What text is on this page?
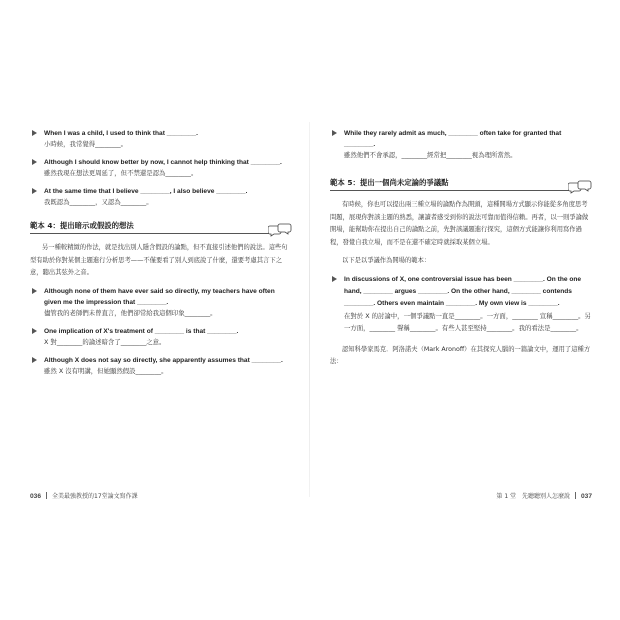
When I was a child, I used to think that ________.
小時候，我常覺得________。
Although I should know better by now, I cannot help thinking that ________.
雖然我現在想法更周延了，但不禁還是認為________。
At the same time that I believe ________, I also believe ________.
我既認為________，又認為________。
範本 4：提出暗示或假設的想法

另一種較精緻的作法，就是找出別人隱含假設的論點，但不直接引述他們的說法。這些句型有助於你對某個主題進行分析思考——不僅要看了別人到底說了什麼，還要考慮其言下之意，聽出其弦外之音。

Although none of them have ever said so directly, my teachers have often given me the impression that ________.
儘管我的老師們未曾直言，他們卻常給我這個印象________。
One implication of X's treatment of ________ is that ________.
X 對________的論述暗含了________之意。
Although X does not say so directly, she apparently assumes that ________.
雖然 X 沒有明講，但她顯然假設________。
036 全美最強教授的17堂論文寫作課
While they rarely admit as much, ________ often take for granted that ________.
雖然他們不會承認，________經常把________視為理所當然。
範本 5：提出一個尚未定論的爭議點

有時候，你也可以提出兩三種立場的論點作為開頭，這種開場方式顯示你能從多角度思考問題，展現你對該主題的熟悉，讓讀者感受到你的說法可靠而值得信賴。再者，以一則爭論做開場，能幫助你在提出自己的論點之前，先對該議題進行探究，這個方式能讓你利用寫作過程，發覺自我立場，而不是在還不確定時就採取某個立場。

以下是以爭議作為開場的範本：

In discussions of X, one controversial issue has been ________. On the one hand, ________ argues ________. On the other hand, ________ contends ________. Others even maintain ________. My own view is ________.
在對於 X 的討論中，一個爭議點一直是________。一方面，________ 宣稱________。另一方面，________ 聲稱________。有些人甚至堅持________。我的看法是________。

認知科學家馬克．阿洛諾夫（Mark Aronoff）在其探究人腦的一篇論文中，運用了這種方法：

第 1 堂 先聽聽別人怎麼說 037
